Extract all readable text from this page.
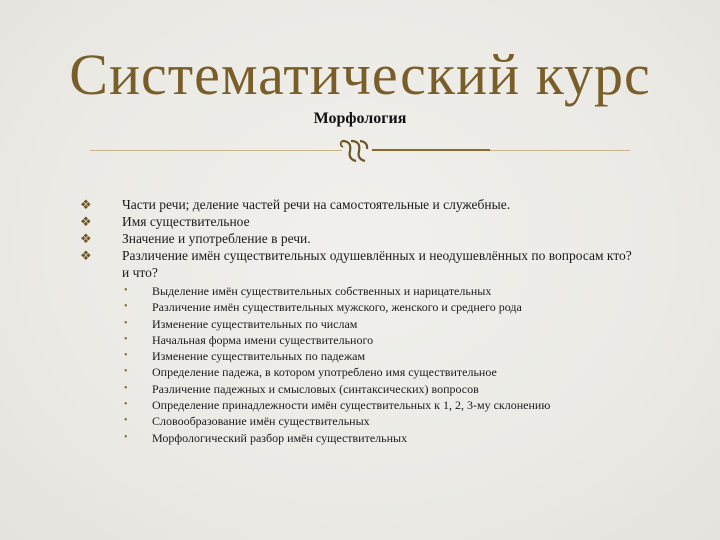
Систематический курс
Морфология
❖ Части речи; деление частей речи на самостоятельные и служебные.
❖ Имя существительное
❖ Значение и употребление в речи.
❖ Различение имён существительных одушевлённых и неодушевлённых по вопросам кто? и что?
• Выделение имён существительных собственных и нарицательных
• Различение имён существительных мужского, женского и среднего рода
• Изменение существительных по числам
• Начальная форма имени существительного
• Изменение существительных по падежам
• Определение падежа, в котором употреблено имя существительное
• Различение падежных и смысловых (синтаксических) вопросов
• Определение принадлежности имён существительных к 1, 2, 3-му склонению
• Словообразование имён существительных
• Морфологический разбор имён существительных
